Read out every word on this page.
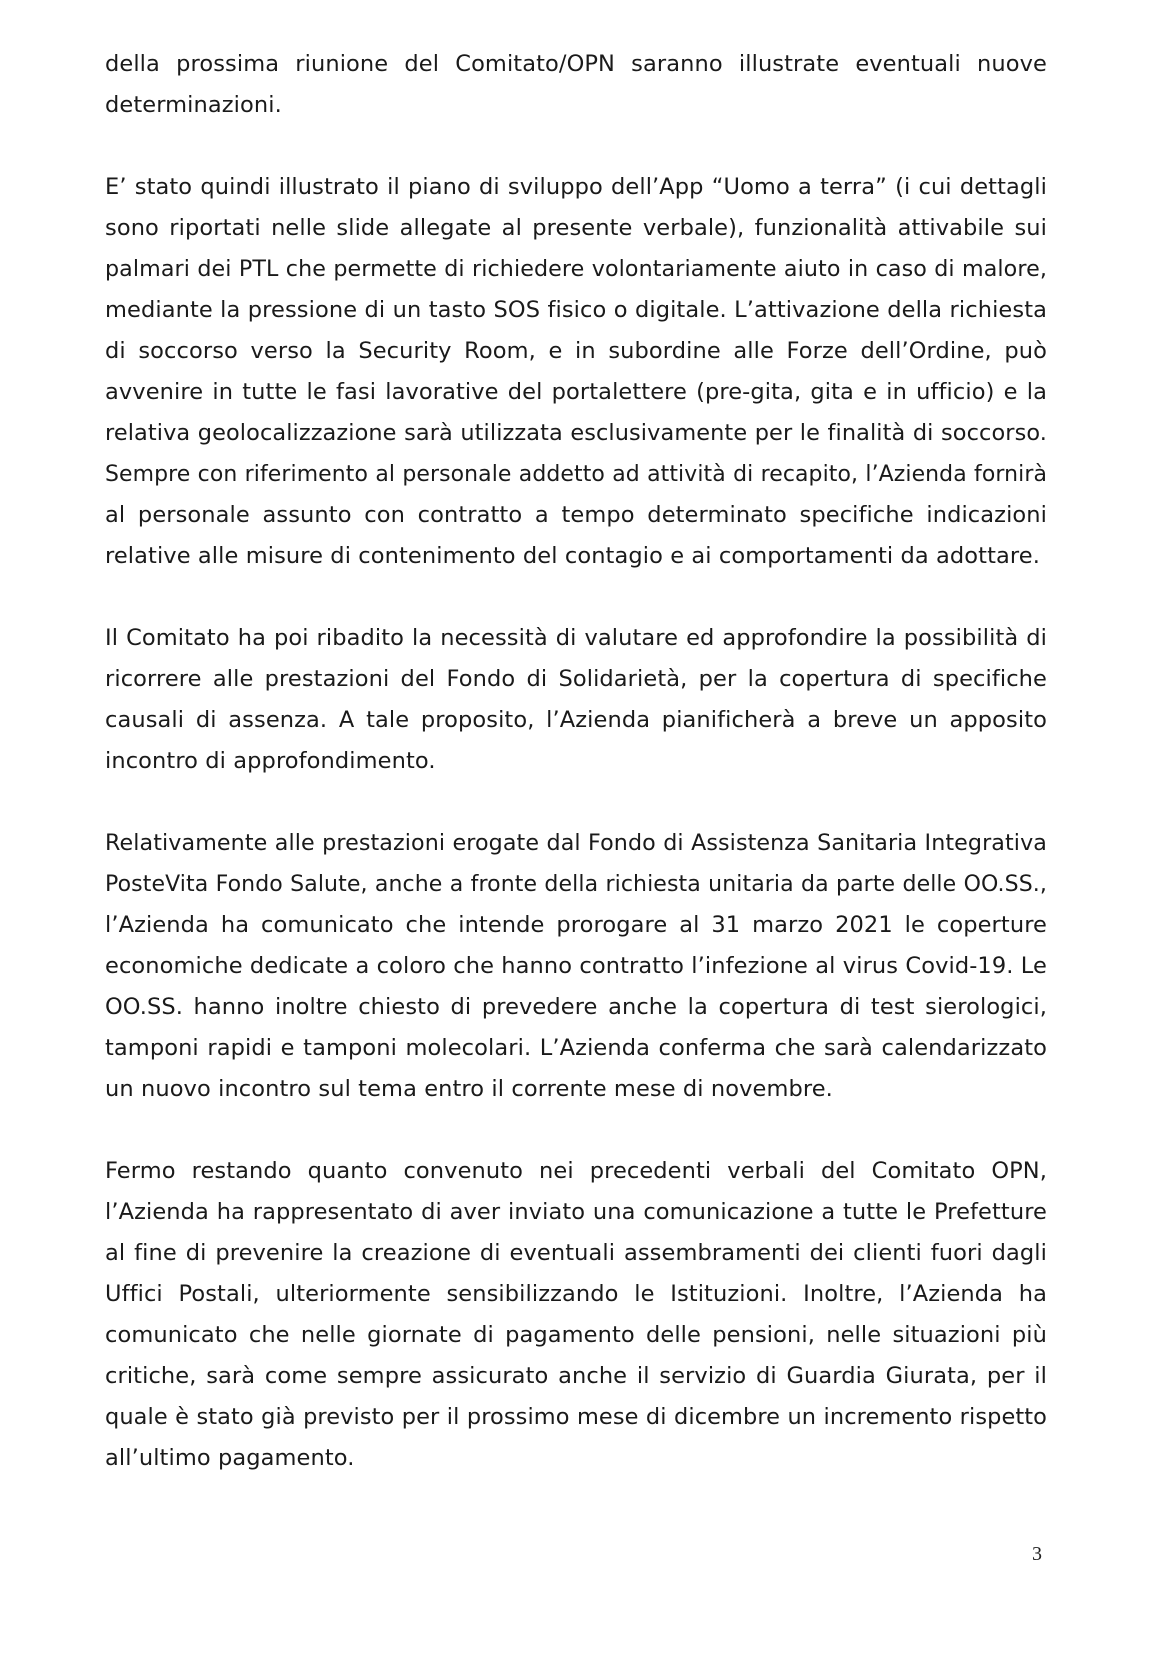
della prossima riunione del Comitato/OPN saranno illustrate eventuali nuove
determinazioni.

E’ stato quindi illustrato il piano di sviluppo dell’App “Uomo a terra” (i cui dettagli
sono riportati nelle slide allegate al presente verbale), funzionalità attivabile sui
palmari dei PTL che permette di richiedere volontariamente aiuto in caso di malore,
mediante la pressione di un tasto SOS fisico o digitale. L’attivazione della richiesta
di soccorso verso la Security Room, e in subordine alle Forze dell’Ordine, può
avvenire in tutte le fasi lavorative del portalettere (pre-gita, gita e in ufficio) e la
relativa geolocalizzazione sarà utilizzata esclusivamente per le finalità di soccorso.
Sempre con riferimento al personale addetto ad attività di recapito, l’Azienda fornirà
al personale assunto con contratto a tempo determinato specifiche indicazioni
relative alle misure di contenimento del contagio e ai comportamenti da adottare.

Il Comitato ha poi ribadito la necessità di valutare ed approfondire la possibilità di
ricorrere alle prestazioni del Fondo di Solidarietà, per la copertura di specifiche
causali di assenza. A tale proposito, l’Azienda pianificherà a breve un apposito
incontro di approfondimento.

Relativamente alle prestazioni erogate dal Fondo di Assistenza Sanitaria Integrativa
PosteVita Fondo Salute, anche a fronte della richiesta unitaria da parte delle OO.SS.,
l’Azienda ha comunicato che intende prorogare al 31 marzo 2021 le coperture
economiche dedicate a coloro che hanno contratto l’infezione al virus Covid-19. Le
OO.SS. hanno inoltre chiesto di prevedere anche la copertura di test sierologici,
tamponi rapidi e tamponi molecolari. L’Azienda conferma che sarà calendarizzato
un nuovo incontro sul tema entro il corrente mese di novembre.

Fermo restando quanto convenuto nei precedenti verbali del Comitato OPN,
l’Azienda ha rappresentato di aver inviato una comunicazione a tutte le Prefetture
al fine di prevenire la creazione di eventuali assembramenti dei clienti fuori dagli
Uffici Postali, ulteriormente sensibilizzando le Istituzioni. Inoltre, l’Azienda ha
comunicato che nelle giornate di pagamento delle pensioni, nelle situazioni più
critiche, sarà come sempre assicurato anche il servizio di Guardia Giurata, per il
quale è stato già previsto per il prossimo mese di dicembre un incremento rispetto
all’ultimo pagamento.

3
